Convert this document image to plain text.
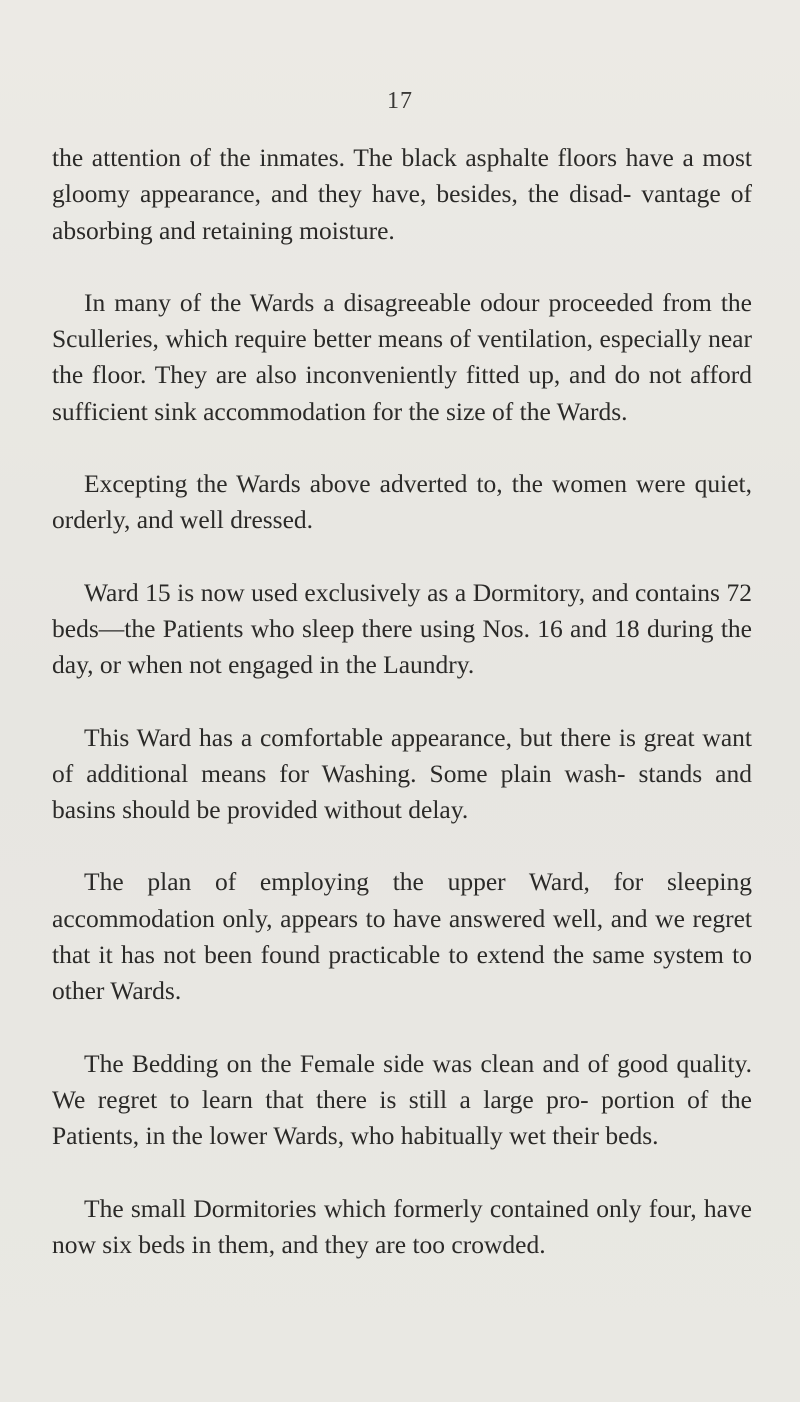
17

the attention of the inmates. The black asphalte floors have a most gloomy appearance, and they have, besides, the disad- vantage of absorbing and retaining moisture.

In many of the Wards a disagreeable odour proceeded from the Sculleries, which require better means of ventilation, especially near the floor. They are also inconveniently fitted up, and do not afford sufficient sink accommodation for the size of the Wards.

Excepting the Wards above adverted to, the women were quiet, orderly, and well dressed.

Ward 15 is now used exclusively as a Dormitory, and contains 72 beds—the Patients who sleep there using Nos. 16 and 18 during the day, or when not engaged in the Laundry.

This Ward has a comfortable appearance, but there is great want of additional means for Washing. Some plain wash- stands and basins should be provided without delay.

The plan of employing the upper Ward, for sleeping accommodation only, appears to have answered well, and we regret that it has not been found practicable to extend the same system to other Wards.

The Bedding on the Female side was clean and of good quality. We regret to learn that there is still a large pro- portion of the Patients, in the lower Wards, who habitually wet their beds.

The small Dormitories which formerly contained only four, have now six beds in them, and they are too crowded.
